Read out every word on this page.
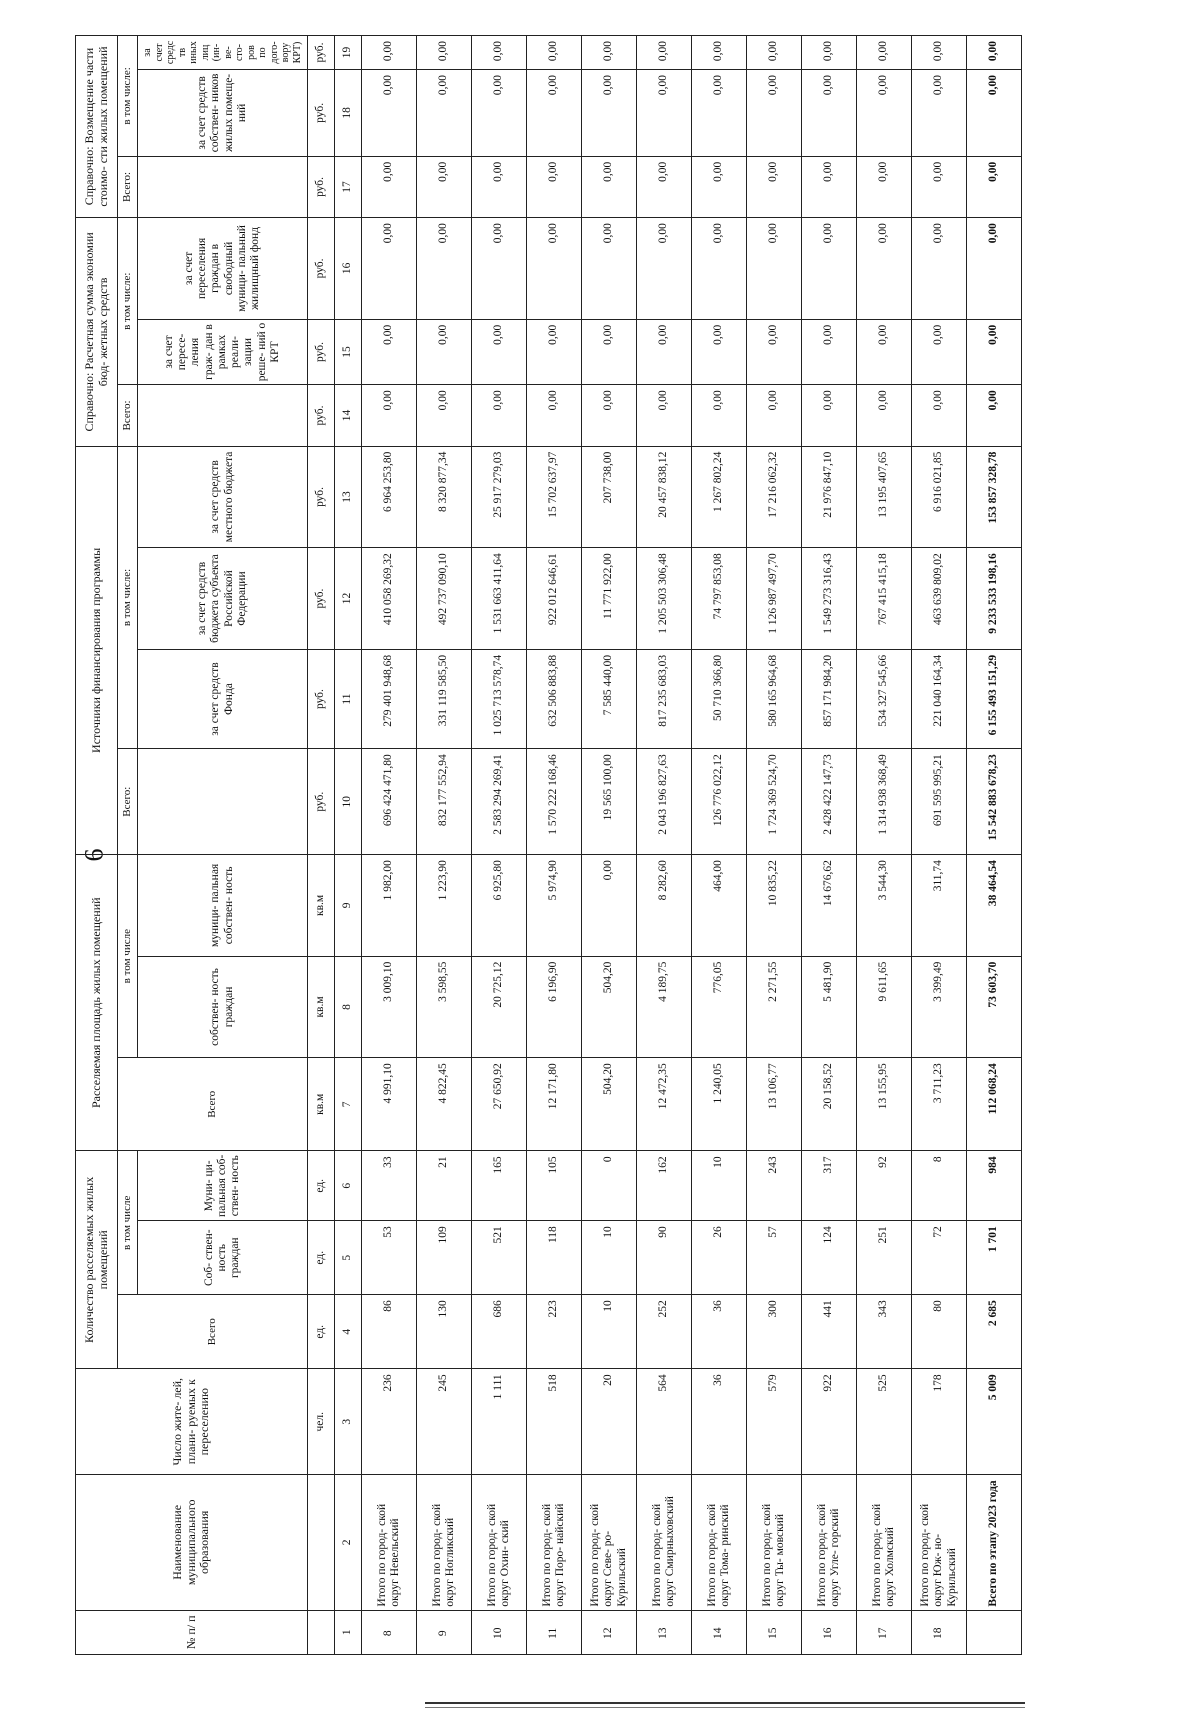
6
№ п/ п	Наименование муниципального образования	Число жите- лей, плани- руемых к переселению	Количество расселяемых жилых помещений			Расселяемая площадь жилых помещений			Источники финансирования программы				Справочно: Расчетная сумма экономии бюд- жетных средств			Справочно: Возмещение части стоимо- сти жилых помещений		
			Всего	в том числе		Всего	в том числе		Всего:	в том числе:			Всего:	в том числе:		Всего:	в том числе:	
				Соб- ствен- ность граждан	Муни- ци- пальная соб- ствен- ность		собствен- ность граждан	муници- пальная собствен- ность		за счет средств Фонда	за счет средств бюджета субъекта Российской Федерации	за счет средств местного бюджета		за счет пересе- ления граж- дан в рамках реали- зации реше- ний о КРТ	за счет переселения граждан в свободный муници- пальный жилищный фонд		за счет средств собствен- ников жилых помеще- ний	за счет средс тв иных лиц (ин- ве- сто- ров по дого- вору КРТ)
		чел.	ед.	ед.	ед.	кв.м	кв.м	кв.м	руб.	руб.	руб.	руб.	руб.	руб.	руб.	руб.	руб.	руб.
1	2	3	4	5	6	7	8	9	10	11	12	13	14	15	16	17	18	19
8	Итого по город- ской округ Невельский	236	86	53	33	4 991,10	3 009,10	1 982,00	696 424 471,80	279 401 948,68	410 058 269,32	6 964 253,80	0,00	0,00	0,00	0,00	0,00	0,00
9	Итого по город- ской округ Ногликский	245	130	109	21	4 822,45	3 598,55	1 223,90	832 177 552,94	331 119 585,50	492 737 090,10	8 320 877,34	0,00	0,00	0,00	0,00	0,00	0,00
10	Итого по город- ской округ Охин- ский	1 111	686	521	165	27 650,92	20 725,12	6 925,80	2 583 294 269,41	1 025 713 578,74	1 531 663 411,64	25 917 279,03	0,00	0,00	0,00	0,00	0,00	0,00
11	Итого по город- ской округ Поро- найский	518	223	118	105	12 171,80	6 196,90	5 974,90	1 570 222 168,46	632 506 883,88	922 012 646,61	15 702 637,97	0,00	0,00	0,00	0,00	0,00	0,00
12	Итого по город- ской округ Севе- ро-Курильский	20	10	10	0	504,20	504,20	0,00	19 565 100,00	7 585 440,00	11 771 922,00	207 738,00	0,00	0,00	0,00	0,00	0,00	0,00
13	Итого по город- ской округ Смирныховский	564	252	90	162	12 472,35	4 189,75	8 282,60	2 043 196 827,63	817 235 683,03	1 205 503 306,48	20 457 838,12	0,00	0,00	0,00	0,00	0,00	0,00
14	Итого по город- ской округ Тома- ринский	36	36	26	10	1 240,05	776,05	464,00	126 776 022,12	50 710 366,80	74 797 853,08	1 267 802,24	0,00	0,00	0,00	0,00	0,00	0,00
15	Итого по город- ской округ Ты- мовский	579	300	57	243	13 106,77	2 271,55	10 835,22	1 724 369 524,70	580 165 964,68	1 126 987 497,70	17 216 062,32	0,00	0,00	0,00	0,00	0,00	0,00
16	Итого по город- ской округ Угле- горский	922	441	124	317	20 158,52	5 481,90	14 676,62	2 428 422 147,73	857 171 984,20	1 549 273 316,43	21 976 847,10	0,00	0,00	0,00	0,00	0,00	0,00
17	Итого по город- ской округ Холмский	525	343	251	92	13 155,95	9 611,65	3 544,30	1 314 938 368,49	534 327 545,66	767 415 415,18	13 195 407,65	0,00	0,00	0,00	0,00	0,00	0,00
18	Итого по город- ской округ Юж- но-Курильский	178	80	72	8	3 711,23	3 399,49	311,74	691 595 995,21	221 040 164,34	463 639 809,02	6 916 021,85	0,00	0,00	0,00	0,00	0,00	0,00
	Всего по этапу 2023 года	5 009	2 685	1 701	984	112 068,24	73 603,70	38 464,54	15 542 883 678,23	6 155 493 151,29	9 233 533 198,16	153 857 328,78	0,00	0,00	0,00	0,00	0,00	0,00
